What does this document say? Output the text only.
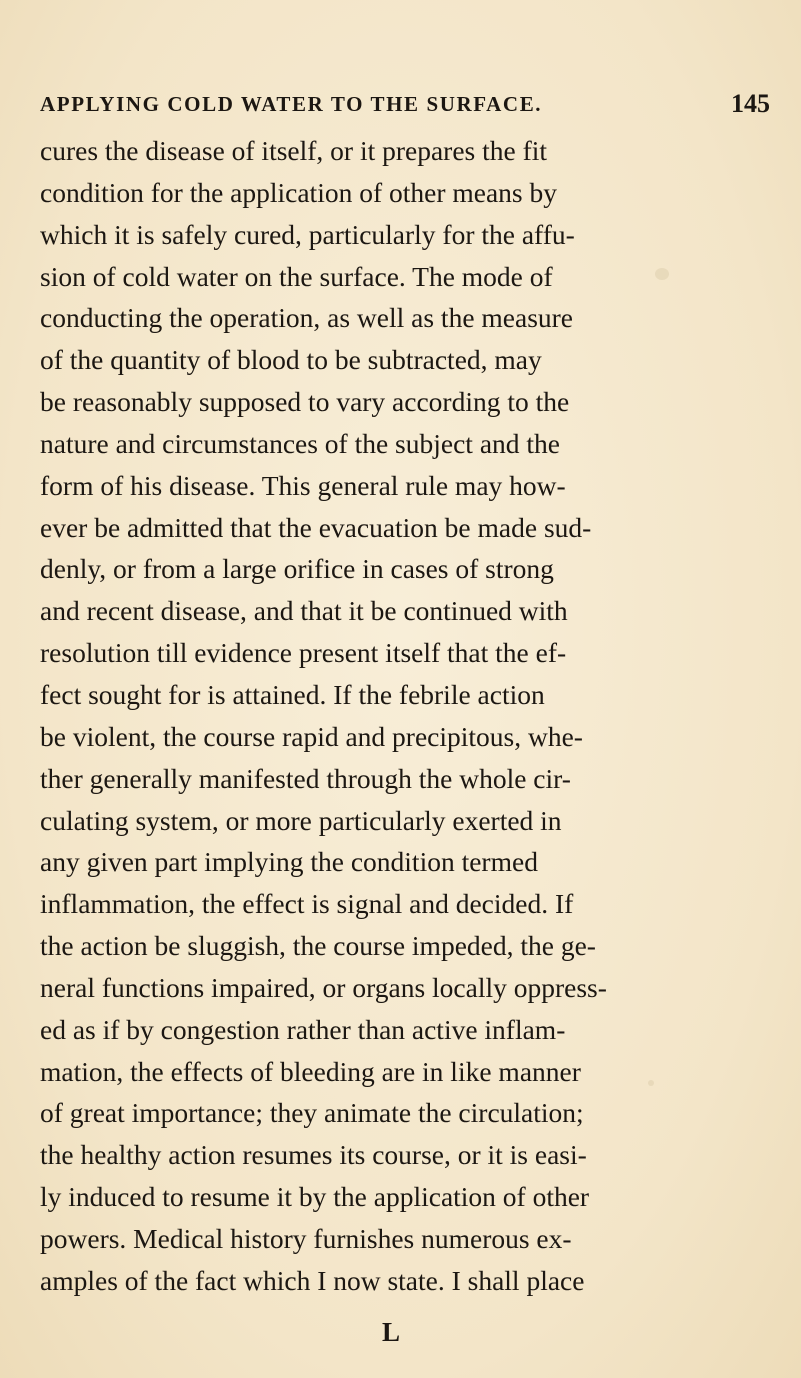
APPLYING COLD WATER TO THE SURFACE.	145
cures the disease of itself, or it prepares the fit
condition for the application of other means by
which it is safely cured, particularly for the affu-
sion of cold water on the surface. The mode of
conducting the operation, as well as the measure
of the quantity of blood to be subtracted, may
be reasonably supposed to vary according to the
nature and circumstances of the subject and the
form of his disease. This general rule may how-
ever be admitted that the evacuation be made sud-
denly, or from a large orifice in cases of strong
and recent disease, and that it be continued with
resolution till evidence present itself that the ef-
fect sought for is attained. If the febrile action
be violent, the course rapid and precipitous, whe-
ther generally manifested through the whole cir-
culating system, or more particularly exerted in
any given part implying the condition termed
inflammation, the effect is signal and decided. If
the action be sluggish, the course impeded, the ge-
neral functions impaired, or organs locally oppress-
ed as if by congestion rather than active inflam-
mation, the effects of bleeding are in like manner
of great importance; they animate the circulation;
the healthy action resumes its course, or it is easi-
ly induced to resume it by the application of other
powers. Medical history furnishes numerous ex-
amples of the fact which I now state. I shall place
L
